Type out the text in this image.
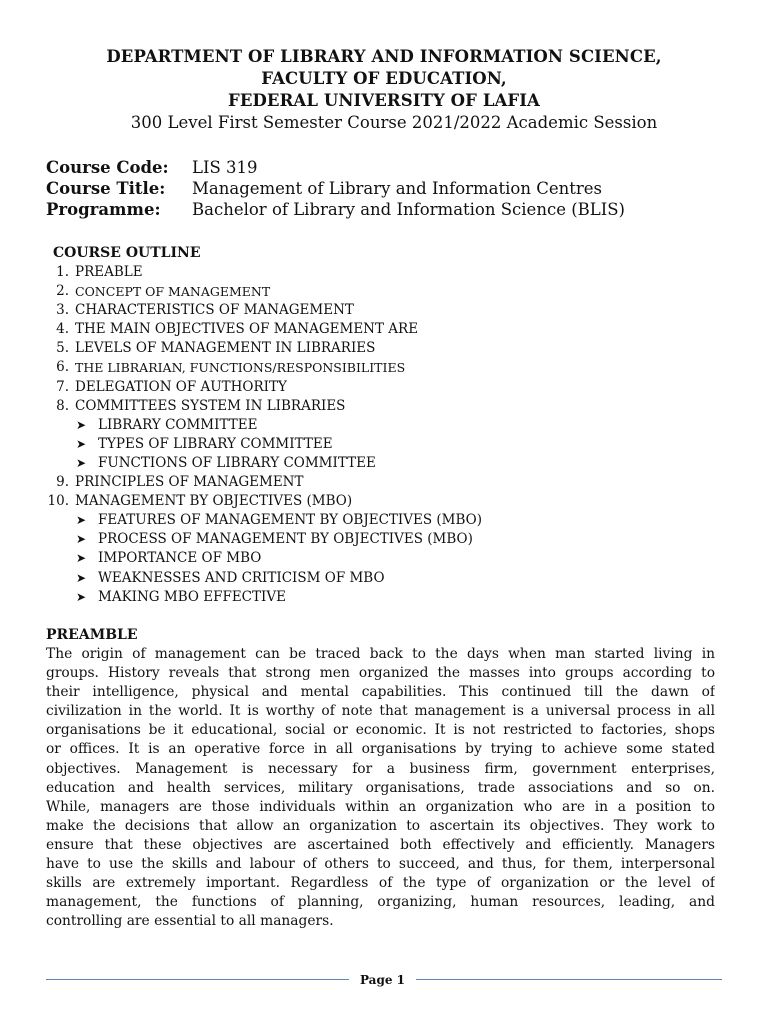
DEPARTMENT OF LIBRARY AND INFORMATION SCIENCE,
FACULTY OF EDUCATION,
FEDERAL UNIVERSITY OF LAFIA
300 Level First Semester Course 2021/2022 Academic Session
Course Code: LIS 319
Course Title: Management of Library and Information Centres
Programme: Bachelor of Library and Information Science (BLIS)
COURSE OUTLINE
1. PREABLE
2. CONCEPT OF MANAGEMENT
3. CHARACTERISTICS OF MANAGEMENT
4. THE MAIN OBJECTIVES OF MANAGEMENT ARE
5. LEVELS OF MANAGEMENT IN LIBRARIES
6. THE LIBRARIAN, FUNCTIONS/RESPONSIBILITIES
7. DELEGATION OF AUTHORITY
8. COMMITTEES SYSTEM IN LIBRARIES
➤ LIBRARY COMMITTEE
➤ TYPES OF LIBRARY COMMITTEE
➤ FUNCTIONS OF LIBRARY COMMITTEE
9. PRINCIPLES OF MANAGEMENT
10. MANAGEMENT BY OBJECTIVES (MBO)
➤ FEATURES OF MANAGEMENT BY OBJECTIVES (MBO)
➤ PROCESS OF MANAGEMENT BY OBJECTIVES (MBO)
➤ IMPORTANCE OF MBO
➤ WEAKNESSES AND CRITICISM OF MBO
➤ MAKING MBO EFFECTIVE
PREAMBLE
The origin of management can be traced back to the days when man started living in
groups. History reveals that strong men organized the masses into groups according to
their intelligence, physical and mental capabilities. This continued till the dawn of
civilization in the world. It is worthy of note that management is a universal process in all
organisations be it educational, social or economic. It is not restricted to factories, shops
or offices. It is an operative force in all organisations by trying to achieve some stated
objectives. Management is necessary for a business firm, government enterprises,
education and health services, military organisations, trade associations and so on.
While, managers are those individuals within an organization who are in a position to
make the decisions that allow an organization to ascertain its objectives. They work to
ensure that these objectives are ascertained both effectively and efficiently. Managers
have to use the skills and labour of others to succeed, and thus, for them, interpersonal
skills are extremely important. Regardless of the type of organization or the level of
management, the functions of planning, organizing, human resources, leading, and
controlling are essential to all managers.
Page 1
